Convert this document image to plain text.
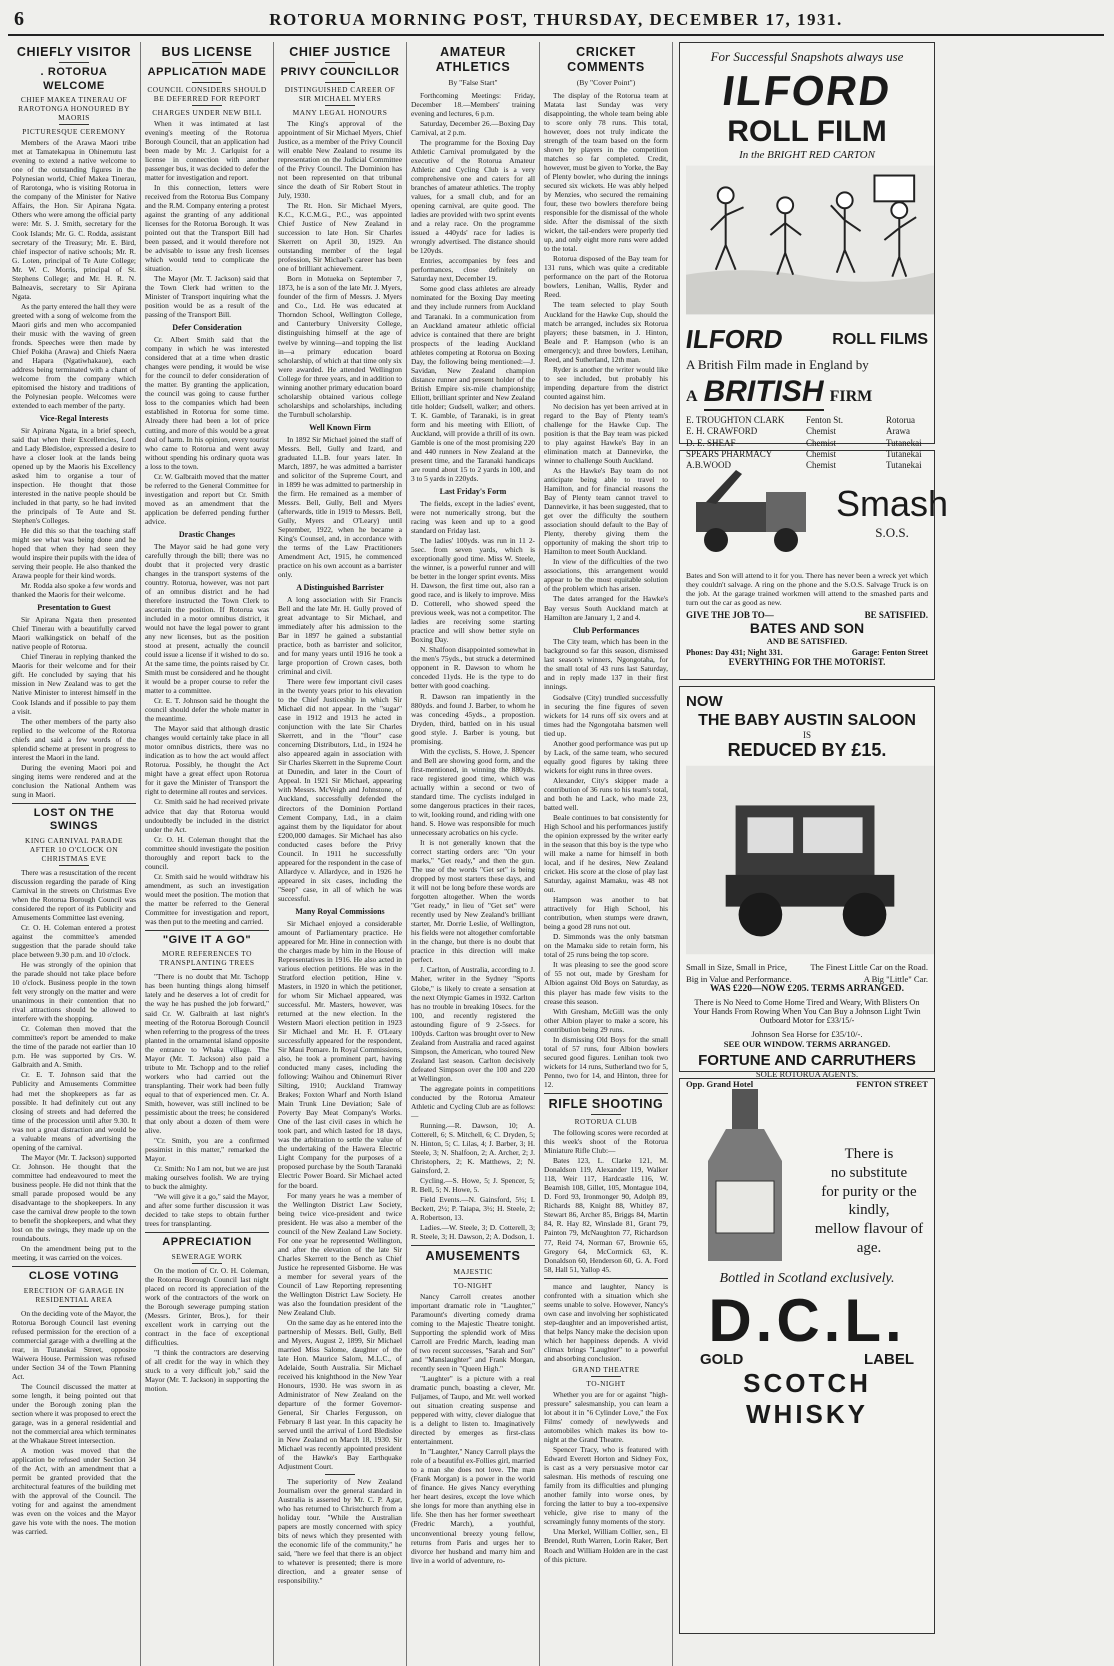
6	ROTORUA MORNING POST, THURSDAY, DECEMBER 17, 1931.
CHIEFLY VISITOR
. ROTORUA WELCOME
CHIEF MAKEA TINERAU OF RAROTONGA HONOURED BY MAORIS
PICTURESQUE CEREMONY

Members of the Arawa Maori tribe met at Tamatekapua in Ohinemutu last evening to extend a native welcome to one of the outstanding figures in the Polynesian world, Chief Makea Tinerau, of Rarotonga, who is visiting Rotorua in the company of the Minister for Native Affairs, the Hon. Sir Apirana Ngata. Others who were among the official party were: Mr. S. J. Smith, secretary for the Cook Islands; Mr. G. C. Rodda, assistant secretary of the Treasury; Mr. E. Bird, chief inspector of native schools; Mr. R. G. Loten, principal of Te Aute College; Mr. W. C. Morris, principal of St. Stephens College; and Mr. H. R. N. Balneavis, secretary to Sir Apirana Ngata.

As the party entered the hall they were greeted with a song of welcome from the Maori girls and men who accompanied their music with the waving of green fronds. Speeches were then made by Chief Pokiha (Arawa) and Chiefs Naera and Hapara (Ngatiwhakaue), each address being terminated with a chant of welcome from the company which epitomised the history and traditions of the Polynesian people. Welcomes were extended to each member of the party.

Vice-Regal Interests

Sir Apirana Ngata, in a brief speech, said that when their Excellencies, Lord and Lady Bledisloe, expressed a desire to have a closer look at the lands being opened up by the Maoris his Excellency asked him to organise a tour of inspection. He thought that those interested in the native people should be included in that party, so he had invited the principals of Te Aute and St. Stephen's Colleges.

He did this so that the teaching staff might see what was being done and he hoped that when they had seen they would inspire their pupils with the idea of serving their people. He also thanked the Arawa people for their kind words.

Mr. Rodda also spoke a few words and thanked the Maoris for their welcome.

Presentation to Guest

Sir Apirana Ngata then presented Chief Tinerau with a beautifully carved Maori walkingstick on behalf of the native people of Rotorua.

Chief Tinerau in replying thanked the Maoris for their welcome and for their gift. He concluded by saying that his mission in New Zealand was to get the Native Minister to interest himself in the Cook Islands and if possible to pay them a visit.

The other members of the party also replied to the welcome of the Rotorua chiefs and said a few words of the splendid scheme at present in progress to interest the Maori in the land.

During the evening Maori poi and singing items were rendered and at the conclusion the National Anthem was sung in Maori.

LOST ON THE SWINGS
KING CARNIVAL PARADE AFTER 10 O'CLOCK ON CHRISTMAS EVE

There was a resuscitation of the recent discussion regarding the parade of King Carnival in the streets on Christmas Eve when the Rotorua Borough Council was considered the report of its Publicity and Amusements Committee last evening.

Cr. O. H. Coleman entered a protest against the committee's amended suggestion that the parade should take place between 9.30 p.m. and 10 o'clock.

He was strongly of the opinion that the parade should not take place before 10 o'clock. Business people in the town felt very strongly on the matter and were unanimous in their contention that no rival attractions should be allowed to interfere with the shopping.

Cr. Coleman then moved that the committee's report be amended to make the time of the parade not earlier than 10 p.m. He was supported by Crs. W. Galbraith and A. Smith.

Cr. E. T. Johnson said that the Publicity and Amusements Committee had met the shopkeepers as far as possible. It had definitely cut out any closing of streets and had deferred the time of the procession until after 9.30. It was not a great distraction and would be a valuable means of advertising the opening of the carnival.

The Mayor (Mr. T. Jackson) supported Cr. Johnson. He thought that the committee had endeavoured to meet the business people. He did not think that the small parade proposed would be any disadvantage to the shopkeepers. In any case the carnival drew people to the town to benefit the shopkeepers, and what they lost on the swings, they made up on the roundabouts.

On the amendment being put to the meeting, it was carried on the voices.

CLOSE VOTING
ERECTION OF GARAGE IN RESIDENTIAL AREA

On the deciding vote of the Mayor, the Rotorua Borough Council last evening refused permission for the erection of a commercial garage with a dwelling at the rear, in Tutanekai Street, opposite Waiwera House. Permission was refused under Section 34 of the Town Planning Act.

The Council discussed the matter at some length, it being pointed out that under the Borough zoning plan the section where it was proposed to erect the garage, was in a general residential and not the commercial area which terminates at the Whakaue Street intersection.

A motion was moved that the application be refused under Section 34 of the Act, with an amendment that a permit be granted provided that the architectural features of the building met with the approval of the Council. The voting for and against the amendment was even on the voices and the Mayor gave his vote with the noes. The motion was carried.

BUS LICENSE
APPLICATION MADE
COUNCIL CONSIDERS SHOULD BE DEFERRED FOR REPORT
CHARGES UNDER NEW BILL

When it was intimated at last evening's meeting of the Rotorua Borough Council, that an application had been made by Mr. J. Carlquist for a license in connection with another passenger bus, it was decided to defer the matter for investigation and report.

In this connection, letters were received from the Rotorua Bus Company and the R.M. Company entering a protest against the granting of any additional licenses for the Rotorua Borough. It was pointed out that the Transport Bill had been passed, and it would therefore not be advisable to issue any fresh licenses which would tend to complicate the situation.

The Mayor (Mr. T. Jackson) said that the Town Clerk had written to the Minister of Transport inquiring what the position would be as a result of the passing of the Transport Bill.

Defer Consideration

Cr. Albert Smith said that the company in which he was interested considered that at a time when drastic changes were pending, it would be wise for the council to defer consideration of the matter. By granting the application, the council was going to cause further loss to the companies which had been established in Rotorua for some time. Already there had been a lot of price cutting, and more of this would be a great deal of harm. In his opinion, every tourist who came to Rotorua and went away without spending his ordinary quota was a loss to the town.

Cr. W. Galbraith moved that the matter be referred to the General Committee for investigation and report but Cr. Smith moved as an amendment that the application be deferred pending further advice.

Drastic Changes

The Mayor said he had gone very carefully through the bill; there was no doubt that it projected very drastic changes in the transport systems of the country. Rotorua, however, was not part of an omnibus district and he had therefore instructed the Town Clerk to ascertain the position. If Rotorua was included in a motor omnibus district, it would not have the legal power to grant any new licenses, but as the position stood at present, actually the council could issue a license if it wished to do so. At the same time, the points raised by Cr. Smith must be considered and he thought it would be a proper course to refer the matter to a committee.

Cr. E. T. Johnson said he thought the council should defer the whole matter in the meantime.

The Mayor said that although drastic changes would certainly take place in all motor omnibus districts, there was no indication as to how the act would affect Rotorua. Possibly, he thought the Act might have a great effect upon Rotorua for it gave the Minister of Transport the right to determine all routes and services.

Cr. Smith said he had received private advice that day that Rotorua would undoubtedly be included in the district under the Act.

Cr. O. H. Coleman thought that the committee should investigate the position thoroughly and report back to the council.

Cr. Smith said he would withdraw his amendment, as such an investigation would meet the position. The motion that the matter be referred to the General Committee for investigation and report, was then put to the meeting and carried.

"GIVE IT A GO"
MORE REFERENCES TO TRANSPLANTING TREES

"There is no doubt that Mr. Tschopp has been hunting things along himself lately and he deserves a lot of credit for the way he has pushed the job forward," said Cr. W. Galbraith at last night's meeting of the Rotorua Borough Council when referring to the progress of the trees planted in the ornamental island opposite the entrance to Whaka village. The Mayor (Mr. T. Jackson) also paid a tribute to Mr. Tschopp and to the relief workers who had carried out the transplanting. Their work had been fully equal to that of experienced men. Cr. A. Smith, however, was still inclined to be pessimistic about the trees; he considered that only about a dozen of them were alive.

"Cr. Smith, you are a confirmed pessimist in this matter," remarked the Mayor.

Cr. Smith: No I am not, but we are just making ourselves foolish. We are trying to buck the almighty.

"We will give it a go," said the Mayor, and after some further discussion it was decided to take steps to obtain further trees for transplanting.

APPRECIATION
SEWERAGE WORK

On the motion of Cr. O. H. Coleman, the Rotorua Borough Council last night placed on record its appreciation of the work of the contractors of the work on the Borough sewerage pumping station (Messrs. Grinter, Bros.), for their excellent work in carrying out the contract in the face of exceptional difficulties.

"I think the contractors are deserving of all credit for the way in which they stuck to a very difficult job," said the Mayor (Mr. T. Jackson) in supporting the motion.

CHIEF JUSTICE
PRIVY COUNCILLOR
DISTINGUISHED CAREER OF SIR MICHAEL MYERS
MANY LEGAL HONOURS

The King's approval of the appointment of Sir Michael Myers, Chief Justice, as a member of the Privy Council will enable New Zealand to resume its representation on the Judicial Committee of the Privy Council. The Dominion has not been represented on that tribunal since the death of Sir Robert Stout in July, 1930.

The Rt. Hon. Sir Michael Myers, K.C., K.C.M.G., P.C., was appointed Chief Justice of New Zealand in succession to late Hon. Sir Charles Skerrett on April 30, 1929. An outstanding member of the legal profession, Sir Michael's career has been one of brilliant achievement.

Born in Motueka on September 7, 1873, he is a son of the late Mr. J. Myers, founder of the firm of Messrs. J. Myers and Co., Ltd. He was educated at Thorndon School, Wellington College, and Canterbury University College, distinguishing himself at the age of twelve by winning—and topping the list in—a primary education board scholarship, of which at that time only six were awarded. He attended Wellington College for three years, and in addition to winning another primary education board scholarship obtained various college scholarships and scholarships, including the Turnbull scholarship.

Well Known Firm

In 1892 Sir Michael joined the staff of Messrs. Bell, Gully and Izard, and graduated LL.B. four years later. In March, 1897, he was admitted a barrister and solicitor of the Supreme Court, and in 1899 he was admitted to partnership in the firm. He remained as a member of Messrs. Bell, Gully, Bell and Myers (afterwards, title in 1919 to Messrs. Bell, Gully, Myers and O'Leary) until September, 1922, when he became a King's Counsel, and, in accordance with the terms of the Law Practitioners Amendment Act, 1915, he commenced practice on his own account as a barrister only.

A Distinguished Barrister

A long association with Sir Francis Bell and the late Mr. H. Gully proved of great advantage to Sir Michael, and immediately after his admission to the Bar in 1897 he gained a substantial practice, both as barrister and solicitor, and for many years until 1916 he took a large proportion of Crown cases, both criminal and civil.

There were few important civil cases in the twenty years prior to his elevation to the Chief Justiceship in which Sir Michael did not appear. In the "sugar" case in 1912 and 1913 he acted in conjunction with the late Sir Charles Skerrett, and in the "flour" case concerning Distributors, Ltd., in 1924 he also appeared again in association with Sir Charles Skerrett in the Supreme Court at Dunedin, and later in the Court of Appeal. In 1921 Sir Michael, appearing with Messrs. McVeigh and Johnstone, of Auckland, successfully defended the directors of the Dominion Portland Cement Company, Ltd., in a claim against them by the liquidator for about £200,000 damages. Sir Michael has also conducted cases before the Privy Council. In 1911 he successfully appeared for the respondent in the case of Allardyce v. Allardyce, and in 1926 he appeared in six cases, including the "Seep" case, in all of which he was successful.

Many Royal Commissions

Sir Michael enjoyed a considerable amount of Parliamentary practice. He appeared for Mr. Hine in connection with the charges made by him in the House of Representatives in 1916. He also acted in various election petitions. He was in the Stratford election petition, Hine v. Masters, in 1920 in which the petitioner, for whom Sir Michael appeared, was successful. Mr. Masters, however, was returned at the new election. In the Western Maori election petition in 1923 Sir Michael and Mr. H. F. O'Leary successfully appeared for the respondent, Sir Maui Pomare. In Royal Commissions, also, he took a prominent part, having conducted many cases, including the following: Waihou and Ohinemuri River Silting, 1910; Auckland Tramway Brakes; Foxton Wharf and North Island Main Trunk Line Deviation; Sale of Poverty Bay Meat Company's Works. One of the last civil cases in which he took part, and which lasted for 18 days, was the arbitration to settle the value of the undertaking of the Hawera Electric Light Company for the purposes of a proposed purchase by the South Taranaki Electric Power Board. Sir Michael acted for the board.

For many years he was a member of the Wellington District Law Society, being twice vice-president and twice president. He was also a member of the council of the New Zealand Law Society. For one year he represented Wellington, and after the elevation of the late Sir Charles Skerrett to the Bench as Chief Justice he represented Gisborne. He was a member for several years of the Council of Law Reporting representing the Wellington District Law Society. He was also the foundation president of the New Zealand Club.

On the same day as he entered into the partnership of Messrs. Bell, Gully, Bell and Myers, August 2, 1899, Sir Michael married Miss Salome, daughter of the late Hon. Maurice Salom, M.L.C., of Adelaide, South Australia. Sir Michael received his knighthood in the New Year Honours, 1930. He was sworn in as Administrator of New Zealand on the departure of the former Governor-General, Sir Charles Fergusson, on February 8 last year. In this capacity he served until the arrival of Lord Bledisloe in New Zealand on March 18, 1930. Sir Michael was recently appointed president of the Hawke's Bay Earthquake Adjustment Court.

The superiority of New Zealand Journalism over the general standard in Australia is asserted by Mr. C. P. Agar, who has returned to Christchurch from a holiday tour. "While the Australian papers are mostly concerned with spicy bits of news which they presented with the economic life of the community," he said, "here we feel that there is an object to whatever is presented; there is more direction, and a greater sense of responsibility."

AMATEUR ATHLETICS
By "False Start"

Forthcoming Meetings: Friday, December 18.—Members' training evening and lectures, 6 p.m.

Saturday, December 26.—Boxing Day Carnival, at 2 p.m.

The programme for the Boxing Day Athletic Carnival promulgated by the executive of the Rotorua Amateur Athletic and Cycling Club is a very comprehensive one and caters for all branches of amateur athletics. The trophy values, for a small club, and for an opening carnival, are quite good. The ladies are provided with two sprint events and a relay race. On the programme issued a 440yds' race for ladies is wrongly advertised. The distance should be 120yds.

Entries, accompanies by fees and performances, close definitely on Saturday next, December 19.

Some good class athletes are already nominated for the Boxing Day meeting and they include runners from Auckland and Taranaki. In a communication from an Auckland amateur athletic official advice is contained that there are bright prospects of the leading Auckland athletes competing at Rotorua on Boxing Day, the following being mentioned:—J. Savidan, New Zealand champion distance runner and present holder of the British Empire six-mile championship; Elliott, brilliant sprinter and New Zealand title holder; Gudsell, walker; and others. T. K. Gamble, of Taranaki, is in great form and his meeting with Elliott, of Auckland, will provide a thrill of its own. Gamble is one of the most promising 220 and 440 runners in New Zealand at the present time, and the Taranaki handicaps are round about 15 to 2 yards in 100, and 3 to 5 yards in 220yds.

Last Friday's Form

The fields, except in the ladies' event, were not numerically strong, but the racing was keen and up to a good standard on Friday last.

The ladies' 100yds. was run in 11 2-5sec. from seven yards, which is exceptionally good time. Miss W. Steele, the winner, is a powerful runner and will be better in the longer sprint events. Miss H. Dawson, the first time out, also ran a good race, and is likely to improve. Miss D. Cotterell, who showed speed the previous week, was not a competitor. The ladies are receiving some starting practice and will show better style on Boxing Day.

N. Shalfoon disappointed somewhat in the men's 75yds., but struck a determined opponent in R. Dawson to whom he conceded 11yds. He is the type to do better with good coaching.

R. Dawson ran impatiently in the 880yds. and found J. Barber, to whom he was conceding 45yds., a propostion. Dryden, third, battled on in his usual good style. J. Barber is young, but promising.

With the cyclists, S. Howe, J. Spencer and Bell are showing good form, and the first-mentioned, in winning the 880yds. race registered good time, which was actually within a second or two of standard time. The cyclists indulged in some dangerous practices in their races, to wit, looking round, and riding with one hand. S. Howe was responsible for much unnecessary acrobatics on his cycle.

It is not generally known that the correct starting orders are: "On your marks," "Get ready," and then the gun. The use of the words "Get set" is being dropped by most starters these days, and it will not be long before these words are forgotten altogether. When the words "Get ready," in lieu of "Get set" were recently used by New Zealand's brilliant starter, Mr. Dorrie Leslie, of Wellington, his fields were not altogether comfortable in the change, but there is no doubt that practice in this direction will make perfect.

J. Carlton, of Australia, according to J. Maher, writer in the Sydney "Sports Globe," is likely to create a sensation at the next Olympic Games in 1932. Carlton has no trouble in breaking 10secs. for the 100, and recently registered the astounding figure of 9 2-5secs. for 100yds. Carlton was brought over to New Zealand from Australia and raced against Simpson, the American, who toured New Zealand last season. Carlton decisively defeated Simpson over the 100 and 220 at Wellington.

The aggregate points in competitions conducted by the Rotorua Amateur Athletic and Cycling Club are as follows:—

Running.—R. Dawson, 10; A. Cotterell, 6; S. Mitchell, 6; C. Dryden, 5; N. Hinton, 5; C. Lilas, 4; J. Barber, 3; H. Steele, 3; N. Shalfoon, 2; A. Archer, 2; J. Christophers, 2; K. Matthews, 2; N. Gainsford, 2.

Cycling.—S. Howe, 5; J. Spencer, 5; R. Bell, 5; N. Howe, 5.

Field Events.—N. Gainsford, 5½; I. Beckett, 2½; P. Taiapa, 3½; H. Steele, 2; A. Robertson, 13.

Ladies.—W. Steele, 3; D. Cotterell, 3; R. Steele, 3; H. Dawson, 2; A. Dodson, 1.

AMUSEMENTS
MAJESTIC
TO-NIGHT

Nancy Carroll creates another important dramatic role in "Laughter," Paramount's diverting comedy drama coming to the Majestic Theatre tonight. Supporting the splendid work of Miss Carroll are Fredric March, leading man of two recent successes, "Sarah and Son" and "Manslaughter" and Frank Morgan, recently seen in "Queen High."

"Laughter" is a picture with a real dramatic punch, boasting a clever, Mr. Fuljames, of Taupo, and Mr. well worked out situation creating suspense and peppered with witty, clever dialogue that is a delight to listen to. Imaginatively directed by emerges as first-class entertainment.

In "Laughter," Nancy Carroll plays the role of a beautiful ex-Follies girl, married to a man she does not love. The man (Frank Morgan) is a power in the world of finance. He gives Nancy everything her heart desires, except the love which she longs for more than anything else in life. She then has her former sweetheart (Fredric March), a youthful, unconventional breezy young fellow, returns from Paris and urges her to divorce her husband and marry him and live in a world of adventure, ro-

CRICKET COMMENTS
(By "Cover Point")

The display of the Rotorua team at Matata last Sunday was very disappointing, the whole team being able to score only 78 runs. This total, however, does not truly indicate the strength of the team based on the form shown by players in the competition matches so far completed. Credit, however, must be given to Yorke, the Bay of Plenty bowler, who during the innings secured six wickets. He was ably helped by Menzies, who secured the remaining four, these two bowlers therefore being responsible for the dismissal of the whole side. After the dismissal of the sixth wicket, the tail-enders were properly tied up, and only eight more runs were added to the total.

Rotorua disposed of the Bay team for 131 runs, which was quite a creditable performance on the part of the Rotorua bowlers, Lenihan, Wallis, Ryder and Reed.

The team selected to play South Auckland for the Hawke Cup, should the match be arranged, includes six Rotorua players; these batsmen, in J. Hinton, Beale and P. Hampson (who is an emergency); and three bowlers, Lenihan, Reed, and Sutherland, 12th man.

Ryder is another the writer would like to see included, but probably his impending departure from the district counted against him.

No decision has yet been arrived at in regard to the Bay of Plenty team's challenge for the Hawke Cup. The position is that the Bay team was picked to play against Hawke's Bay in an elimination match at Dannevirke, the winner to challenge South Auckland.

As the Hawke's Bay team do not anticipate being able to travel to Hamilton, and for financial reasons the Bay of Plenty team cannot travel to Dannevirke, it has been suggested, that to get over the difficulty the southern association should default to the Bay of Plenty, thereby giving them the opportunity of making the short trip to Hamilton to meet South Auckland.

In view of the difficulties of the two associations, this arrangement would appear to be the most equitable solution of the problem which has arisen.

The dates arranged for the Hawke's Bay versus South Auckland match at Hamilton are January 1, 2 and 4.

Club Performances

The City team, which has been in the background so far this season, dismissed last season's winners, Ngongotaha, for the small total of 43 runs last Saturday, and in reply made 137 in their first innings.

Godsalve (City) trundled successfully in securing the fine figures of seven wickets for 14 runs off six overs and at times had the Ngongotaha batsmen well tied up.

Another good performance was put up by Lack, of the same team, who secured equally good figures by taking three wickets for eight runs in three overs.

Alexander, City's skipper made a contribution of 36 runs to his team's total, and both he and Lack, who made 23, batted well.

Beale continues to bat consistently for High School and his performances justify the opinion expressed by the writer early in the season that this boy is the type who will make a name for himself in both local, and if he desires, New Zealand cricket. His score at the close of play last Saturday, against Mamaku, was 48 not out.

Hampson was another to bat attractively for High School, his contribution, when stumps were drawn, being a good 28 runs not out.

D. Simmonds was the only batsman on the Mamaku side to retain form, his total of 25 runs being the top score.

It was pleasing to see the good score of 55 not out, made by Gresham for Albion against Old Boys on Saturday, as this player has made few visits to the crease this season.

With Gresham, McGill was the only other Albion player to make a score, his contribution being 29 runs.

In dismissing Old Boys for the small total of 57 runs, four Albion bowlers secured good figures. Lenihan took two wickets for 14 runs, Sutherland two for 5, Penno, two for 14, and Hinton, three for 12.

RIFLE SHOOTING
ROTORUA CLUB

The following scores were recorded at this week's shoot of the Rotorua Miniature Rifle Club:—

Bates 123, L. Clarke 121, M. Donaldson 119, Alexander 119, Walker 118, Weir 117, Hardcastle 116, W. Beamish 108, Gillet, 105, Montague 104, D. Ford 93, Ironmonger 90, Adolph 89, Richards 88, Knight 88, Whitley 87, Stewart 86, Archer 85, Briggs 84, Martin 84, R. Hay 82, Winslade 81, Grant 79, Painton 79, McNaughton 77, Richardson 77, Reid 74, Norman 67, Brownie 65, Gregory 64, McCormick 63, K. Donaldson 60, Henderson 60, G. A. Ford 58, Hall 51, Yallop 45.

mance and laughter, Nancy is confronted with a situation which she seems unable to solve. However, Nancy's own case and involving her sophisticated step-daughter and an impoverished artist, that helps Nancy make the decision upon which her happiness depends. A vivid climax brings "Laughter" to a powerful and absorbing conclusion.

GRAND THEATRE
TO-NIGHT

Whether you are for or against "high-pressure" salesmanship, you can learn a lot about it in "6 Cylinder Love," the Fox Films' comedy of newlyweds and automobiles which makes its bow to-night at the Grand Theatre.

Spencer Tracy, who is featured with Edward Everett Horton and Sidney Fox, is cast as a very persuasive motor car salesman. His methods of rescuing one family from its difficulties and plunging another family into worse ones, by forcing the latter to buy a too-expensive vehicle, give rise to many of the screamingly funny moments of the story.

Una Merkel, William Collier, sen., El Brendel, Ruth Warren, Lorin Raker, Bert Roach and William Holden are in the cast of this picture.

For Successful Snapshots always use
ILFORD
ROLL FILM
In the BRIGHT RED CARTON
ILFORD	ROLL FILMS
A British Film made in England by
A BRITISH FIRM
E. TROUGHTON CLARK	Fenton St.	Rotorua
E. H. CRAWFORD	Chemist	Arawa
D. E. SHEAF	Chemist	Tutanekai
SPEARS PHARMACY	Chemist	Tutanekai
A.B.WOOD	Chemist	Tutanekai
Smash
S.O.S.
Bates and Son will attend to it for you. There has never been a wreck yet which they couldn't salvage. A ring on the phone and the S.O.S. Salvage Truck is on the job. At the garage trained workmen will attend to the smashed parts and turn out the car as good as new.
GIVE THE JOB TO—	BE SATISFIED.
BATES AND SON
AND BE SATISFIED.
Phones: Day 431; Night 331.	Garage: Fenton Street
EVERYTHING FOR THE MOTORIST.
NOW
THE BABY AUSTIN SALOON
IS
REDUCED BY £15.
Small in Size, Small in Price,	The Finest Little Car on the Road.
Big in Value and Performance.	A Big "Little" Car.
WAS £220—NOW £205. TERMS ARRANGED.
There is No Need to Come Home Tired and Weary, With Blisters On Your Hands From Rowing When You Can Buy a Johnson Light Twin Outboard Motor for £33/15/-
Johnson Sea Horse for £35/10/-.
SEE OUR WINDOW. TERMS ARRANGED.
FORTUNE AND CARRUTHERS
SOLE ROTORUA AGENTS.
Opp. Grand Hotel	FENTON STREET
There is
no substitute
for purity or the kindly,
mellow flavour of age.
Bottled in Scotland exclusively.
D.C.L.
GOLD	LABEL
SCOTCH WHISKY
